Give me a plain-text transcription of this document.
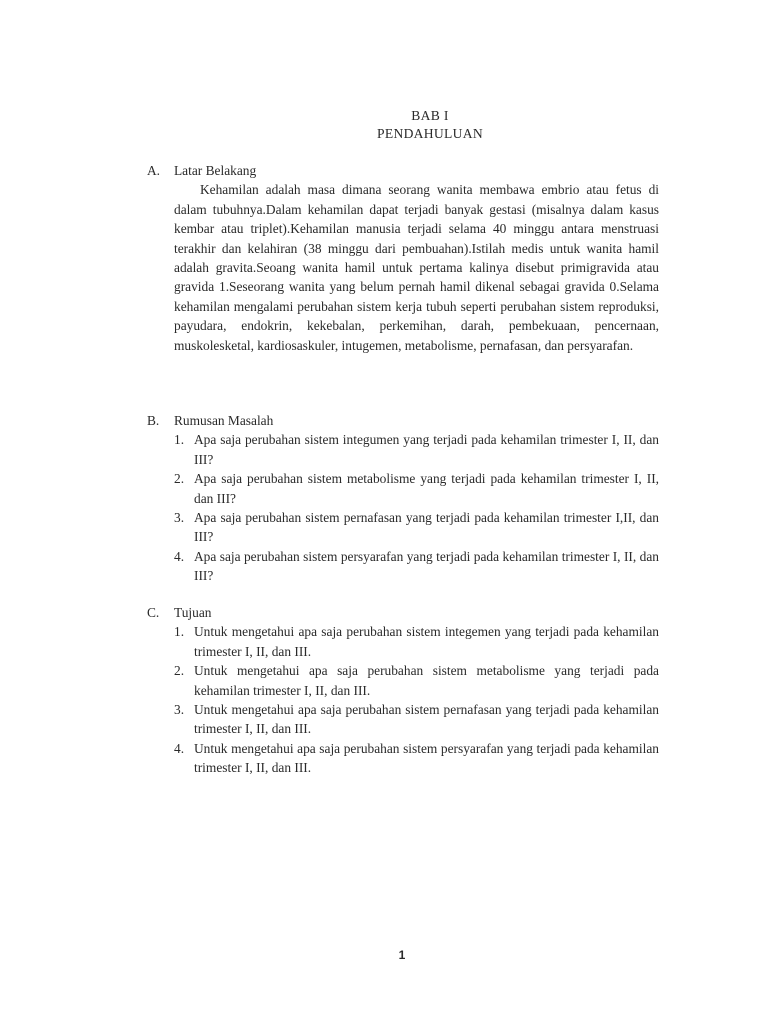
BAB I
PENDAHULUAN
A.	Latar Belakang

Kehamilan adalah masa dimana seorang wanita membawa embrio atau fetus di dalam tubuhnya.Dalam kehamilan dapat terjadi banyak gestasi (misalnya dalam kasus kembar atau triplet).Kehamilan manusia terjadi selama 40 minggu antara menstruasi terakhir dan kelahiran (38 minggu dari pembuahan).Istilah medis untuk wanita hamil adalah gravita.Seoang wanita hamil untuk pertama kalinya disebut primigravida atau gravida 1.Seseorang wanita yang belum pernah hamil dikenal sebagai gravida 0.Selama kehamilan mengalami perubahan sistem kerja tubuh seperti perubahan sistem reproduksi, payudara, endokrin, kekebalan, perkemihan, darah, pembekuaan, pencernaan, muskolesketal, kardiosaskuler, intugemen, metabolisme, pernafasan, dan persyarafan.

B.	Rumusan Masalah
1. Apa saja perubahan sistem integumen yang terjadi pada kehamilan trimester I, II, dan III?
2. Apa saja perubahan sistem metabolisme yang terjadi pada kehamilan trimester I, II, dan III?
3. Apa saja perubahan sistem pernafasan yang terjadi pada kehamilan trimester I,II, dan III?
4. Apa saja perubahan sistem persyarafan yang terjadi pada kehamilan trimester I, II, dan III?
C.	Tujuan
1. Untuk mengetahui apa saja perubahan sistem integemen yang terjadi pada kehamilan trimester I, II, dan III.
2. Untuk mengetahui apa saja perubahan sistem metabolisme yang terjadi pada kehamilan trimester I, II, dan III.
3. Untuk mengetahui apa saja perubahan sistem pernafasan yang terjadi pada kehamilan trimester I, II, dan III.
4. Untuk mengetahui apa saja perubahan sistem persyarafan yang terjadi pada kehamilan trimester I, II, dan III.
1
